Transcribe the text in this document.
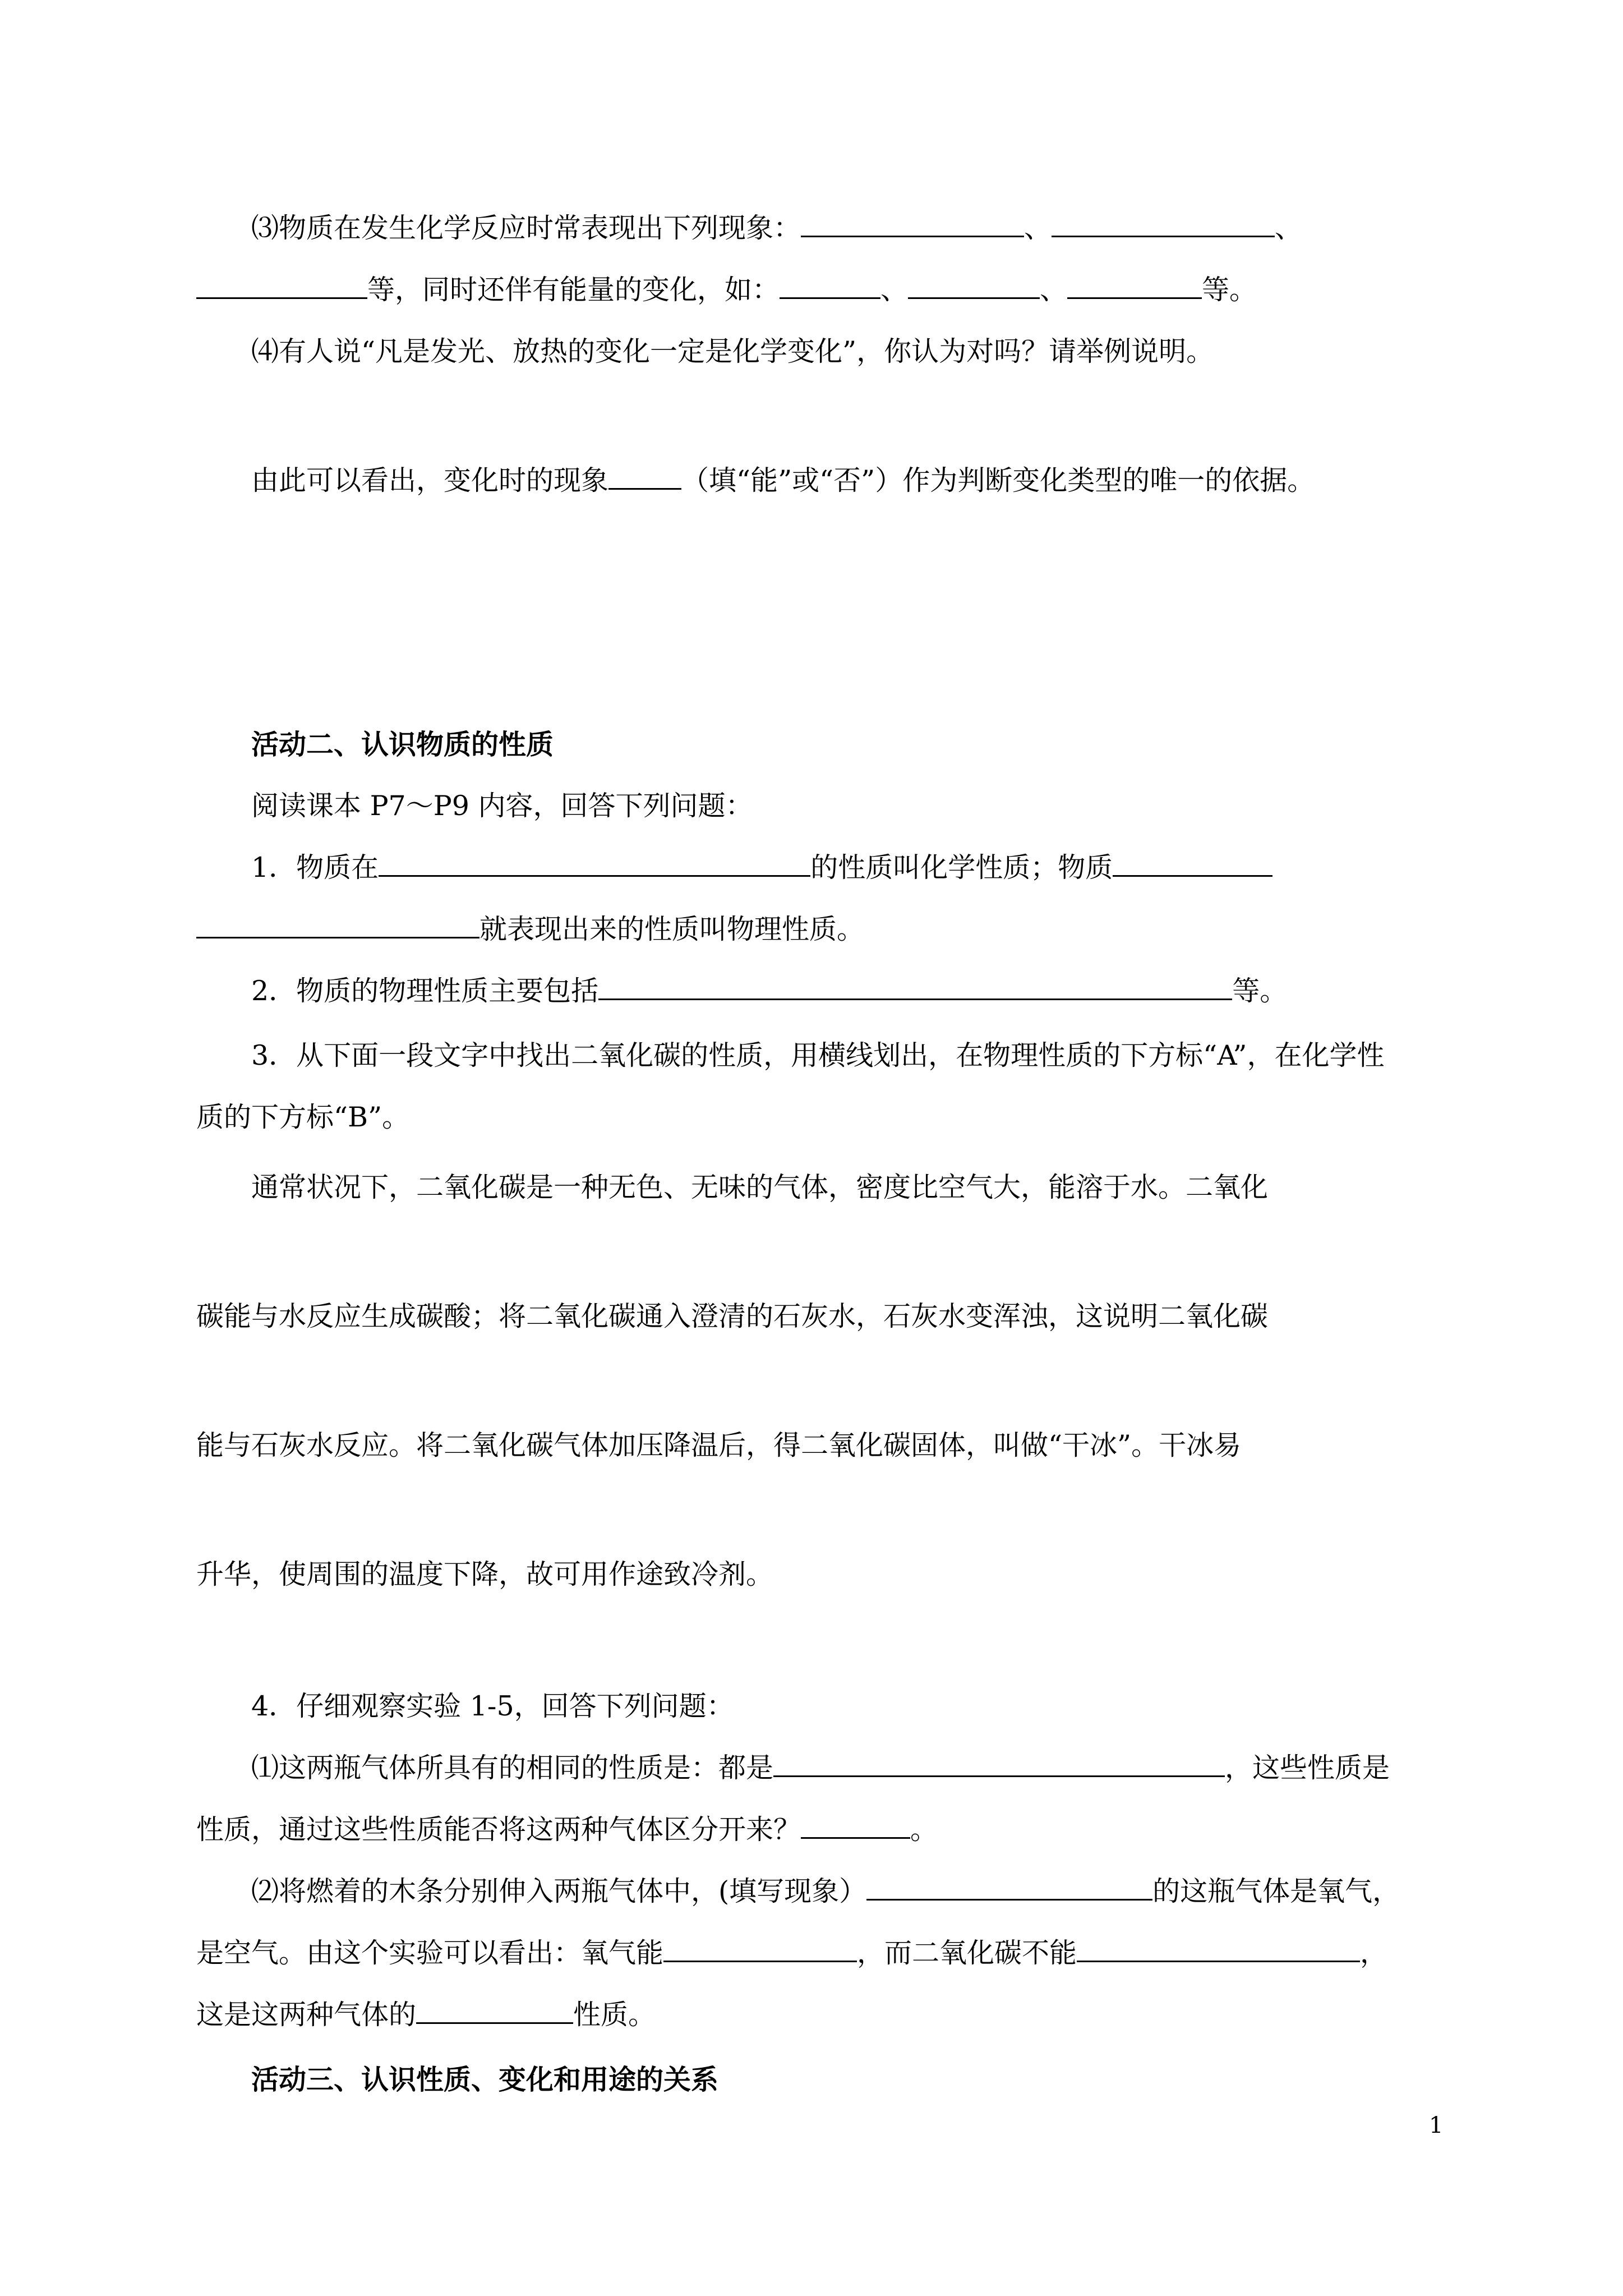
⑶物质在发生化学反应时常表现出下列现象：	、	、
等，同时还伴有能量的变化，如：	、	、	等。
⑷有人说“凡是发光、放热的变化一定是化学变化”，你认为对吗？请举例说明。
由此可以看出，变化时的现象	（填“能”或“否”）作为判断变化类型的唯一的依据。
活动二、认识物质的性质
阅读课本 P7～P9 内容，回答下列问题：
1．物质在	的性质叫化学性质；物质
就表现出来的性质叫物理性质。
2．物质的物理性质主要包括	等。
3．从下面一段文字中找出二氧化碳的性质，用横线划出，在物理性质的下方标“A”，在化学性
质的下方标“B”。
通常状况下，二氧化碳是一种无色、无味的气体，密度比空气大，能溶于水。二氧化
碳能与水反应生成碳酸；将二氧化碳通入澄清的石灰水，石灰水变浑浊，这说明二氧化碳
能与石灰水反应。将二氧化碳气体加压降温后，得二氧化碳固体，叫做“干冰”。干冰易
升华，使周围的温度下降，故可用作途致冷剂。
4．仔细观察实验 1-5，回答下列问题：
⑴这两瓶气体所具有的相同的性质是：都是	，这些性质是
性质，通过这些性质能否将这两种气体区分开来？	。
⑵将燃着的木条分别伸入两瓶气体中，(填写现象）	的这瓶气体是氧气，
是空气。由这个实验可以看出：氧气能	，而二氧化碳不能	，
这是这两种气体的	性质。
活动三、认识性质、变化和用途的关系
1
